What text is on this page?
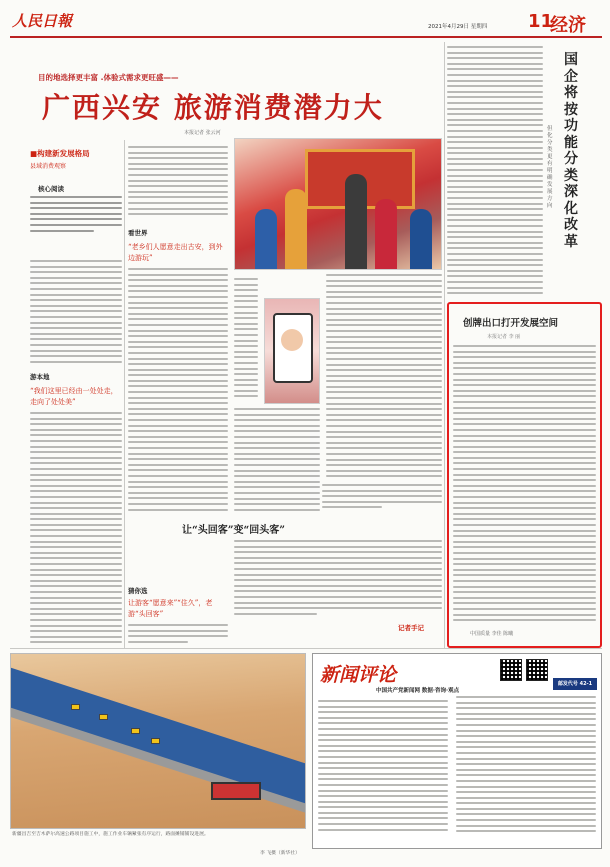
人民日報	2021年4月29日 星期四 11
经济
目的地选择更丰富 .体验式需求更旺盛——
广西兴安 旅游消费潜力大
本报记者 张云河
■构建新发展格局
县域消费观察
核心阅读
游本地
“我们这里已经由一处处走，走向了处处美”
看世界
“老乡们人愿意走出古安，到外边游玩”
猜你选
让游客“愿意来”“住久”，老游“头回客”
让“头回客”变“回头客”
记者手记
国企将按功能分类深化改革
但化分类更有明确发展方向
创牌出口打开发展空间
本报记者 李 丽
中国质量 李佳 陈曦
新疆昌吉至吉木萨尔高速公路项目施工中，施工作业车辆紧张有序运行，路面摊铺铺设进展。
李 飞摄（新华社）
新闻评论
中国共产党新闻网 数据·咨询·观点
邮发代号 42-1
